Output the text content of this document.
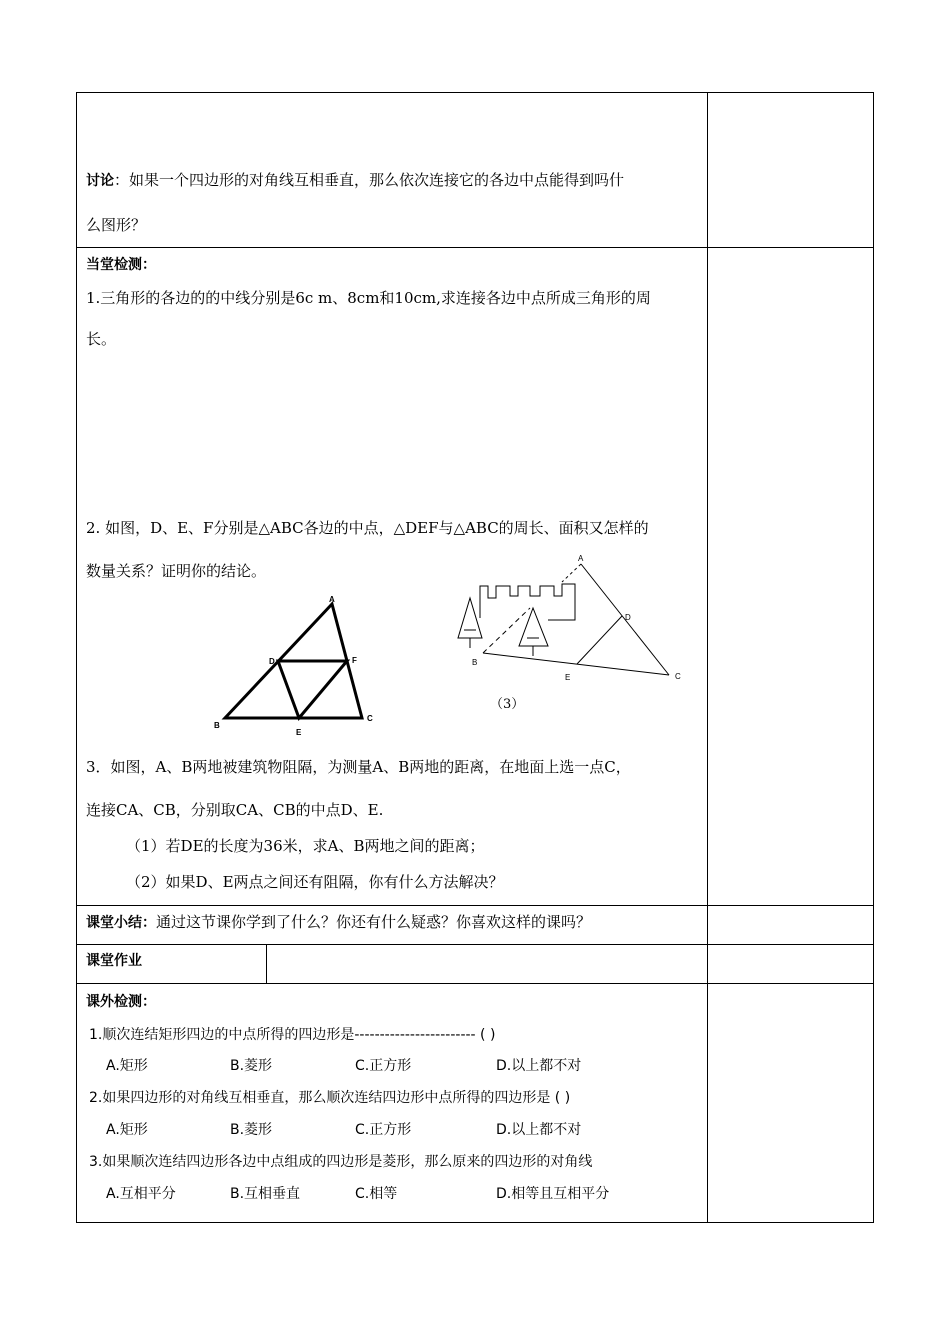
讨论：如果一个四边形的对角线互相垂直，那么依次连接它的各边中点能得到吗什
么图形？
当堂检测：
1.三角形的各边的的中线分别是6c m、8cm和10cm,求连接各边中点所成三角形的周
长。
2. 如图，D、E、F分别是△ABC各边的中点，△DEF与△ABC的周长、面积又怎样的
数量关系？证明你的结论。
A
B
C
D
E
F
A
B
C
D
E
（3）
3．如图，A、B两地被建筑物阻隔，为测量A、B两地的距离，在地面上选一点C，
连接CA、CB，分别取CA、CB的中点D、E.
（1）若DE的长度为36米，求A、B两地之间的距离；
（2）如果D、E两点之间还有阻隔，你有什么方法解决？
课堂小结：通过这节课你学到了什么？你还有什么疑惑？你喜欢这样的课吗？
课堂作业
课外检测：
1.顺次连结矩形四边的中点所得的四边形是------------------------ ( )
A.矩形	B.菱形	C.正方形	D.以上都不对
2.如果四边形的对角线互相垂直，那么顺次连结四边形中点所得的四边形是 ( )
A.矩形	B.菱形	C.正方形	D.以上都不对
3.如果顺次连结四边形各边中点组成的四边形是菱形，那么原来的四边形的对角线
A.互相平分	B.互相垂直	C.相等	D.相等且互相平分
